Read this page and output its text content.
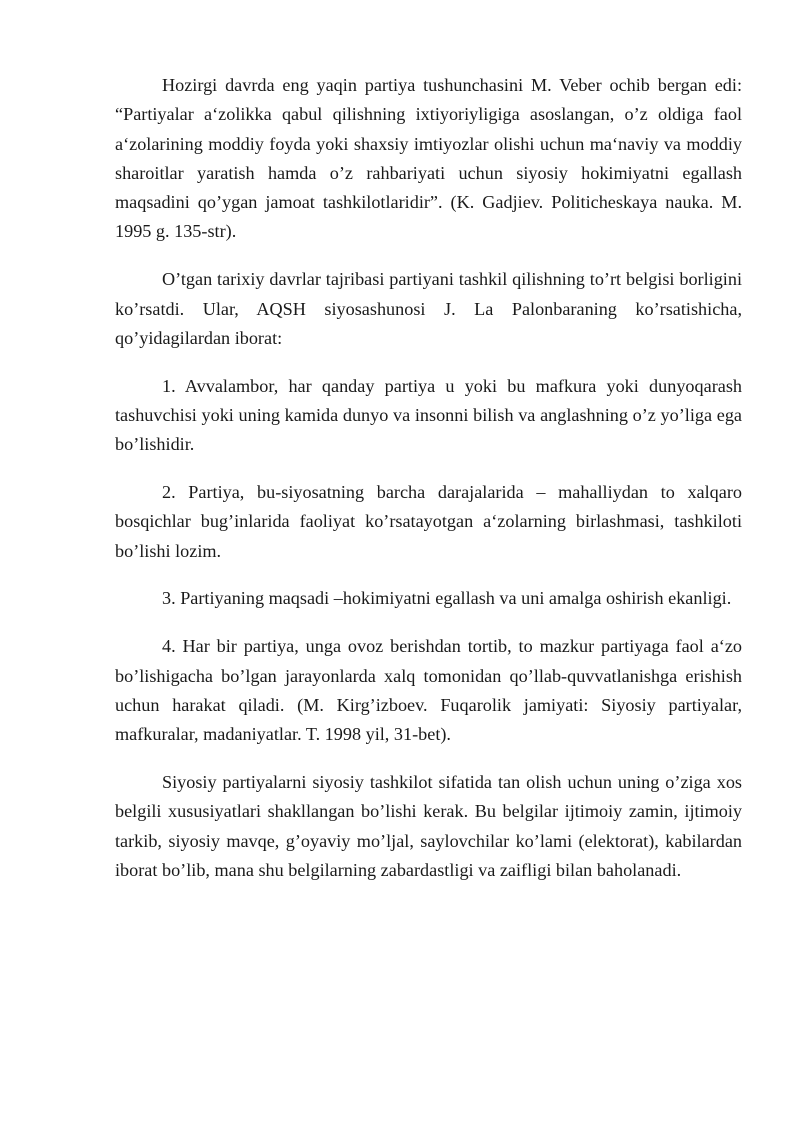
Hozirgi davrda eng yaqin partiya tushunchasini M. Veber ochib bergan edi: “Partiyalar a‘zolikka qabul qilishning ixtiyoriyligiga asoslangan, o’z oldiga faol a‘zolarining moddiy foyda yoki shaxsiy imtiyozlar olishi uchun ma‘naviy va moddiy sharoitlar yaratish hamda o’z rahbariyati uchun siyosiy hokimiyatni egallash maqsadini qo’ygan jamoat tashkilotlaridir”. (K. Gadjiev. Politicheskaya nauka. M. 1995 g. 135-str).

O’tgan tarixiy davrlar tajribasi partiyani tashkil qilishning to’rt belgisi borligini ko’rsatdi. Ular, AQSH siyosashunosi J. La Palonbaraning ko’rsatishicha, qo’yidagilardan iborat:

1. Avvalambor, har qanday partiya u yoki bu mafkura yoki dunyoqarash tashuvchisi yoki uning kamida dunyo va insonni bilish va anglashning o’z yo’liga ega bo’lishidir.

2. Partiya, bu-siyosatning barcha darajalarida – mahalliydan to xalqaro bosqichlar bug’inlarida faoliyat ko’rsatayotgan a‘zolarning birlashmasi, tashkiloti bo’lishi lozim.

3. Partiyaning maqsadi –hokimiyatni egallash va uni amalga oshirish ekanligi.

4. Har bir partiya, unga ovoz berishdan tortib, to mazkur partiyaga faol a‘zo bo’lishigacha bo’lgan jarayonlarda xalq tomonidan qo’llab-quvvatlanishga erishish uchun harakat qiladi. (M. Kirg’izboev. Fuqarolik jamiyati: Siyosiy partiyalar, mafkuralar, madaniyatlar. T. 1998 yil, 31-bet).

Siyosiy partiyalarni siyosiy tashkilot sifatida tan olish uchun uning o’ziga xos belgili xususiyatlari shakllangan bo’lishi kerak. Bu belgilar ijtimoiy zamin, ijtimoiy tarkib, siyosiy mavqe, g’oyaviy mo’ljal, saylovchilar ko’lami (elektorat), kabilardan iborat bo’lib, mana shu belgilarning zabardastligi va zaifligi bilan baholanadi.
